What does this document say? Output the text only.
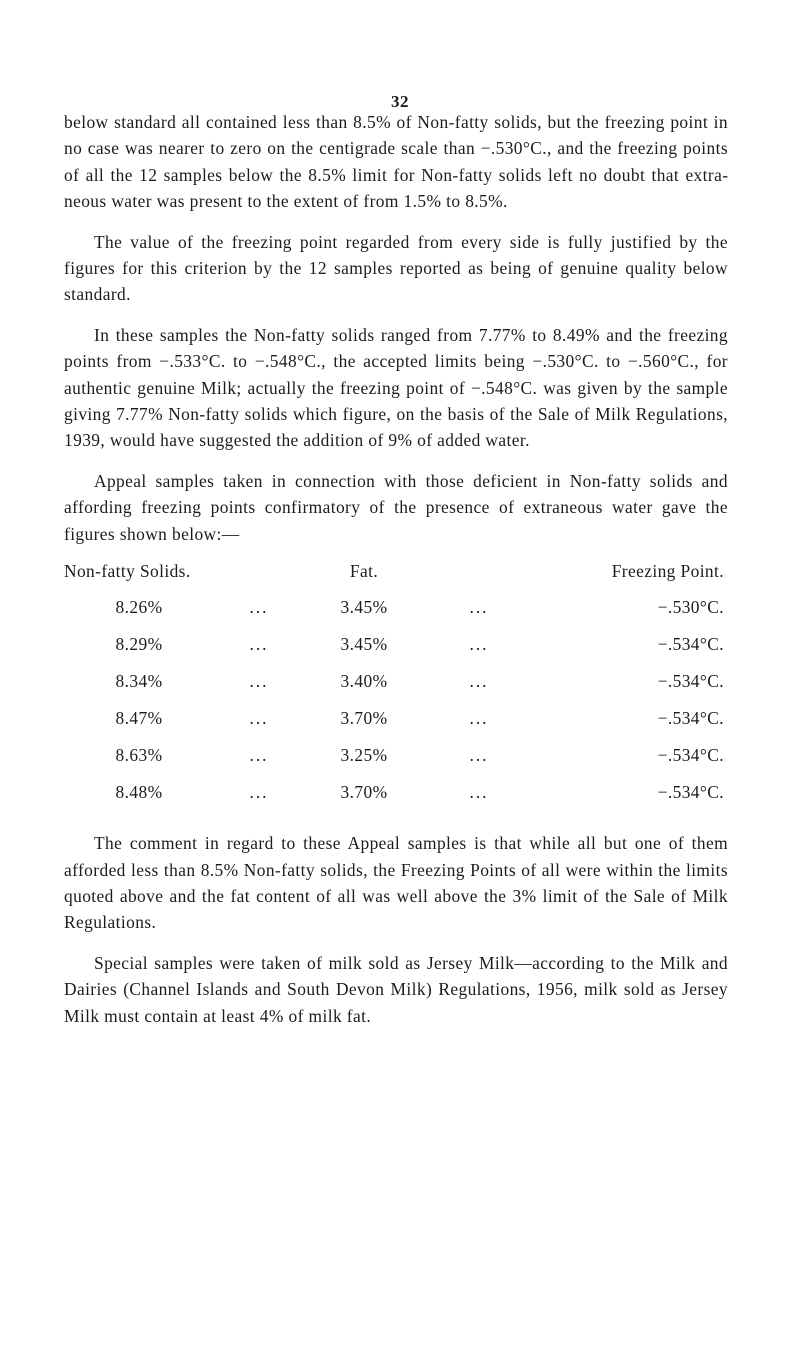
32

below standard all contained less than 8.5% of Non-fatty solids, but the freezing point in no case was nearer to zero on the centigrade scale than −.530°C., and the freezing points of all the 12 samples below the 8.5% limit for Non-fatty solids left no doubt that extraneous water was present to the extent of from 1.5% to 8.5%.

The value of the freezing point regarded from every side is fully justified by the figures for this criterion by the 12 samples reported as being of genuine quality below standard.

In these samples the Non-fatty solids ranged from 7.77% to 8.49% and the freezing points from −.533°C. to −.548°C., the accepted limits being −.530°C. to −.560°C., for authentic genuine Milk; actually the freezing point of −.548°C. was given by the sample giving 7.77% Non-fatty solids which figure, on the basis of the Sale of Milk Regulations, 1939, would have suggested the addition of 9% of added water.

Appeal samples taken in connection with those deficient in Non-fatty solids and affording freezing points confirmatory of the presence of extraneous water gave the figures shown below:—

Non-fatty Solids.		Fat.		Freezing Point.
8.26%	...	3.45%	...	−.530°C.
8.29%	...	3.45%	...	−.534°C.
8.34%	...	3.40%	...	−.534°C.
8.47%	...	3.70%	...	−.534°C.
8.63%	...	3.25%	...	−.534°C.
8.48%	...	3.70%	...	−.534°C.

The comment in regard to these Appeal samples is that while all but one of them afforded less than 8.5% Non-fatty solids, the Freezing Points of all were within the limits quoted above and the fat content of all was well above the 3% limit of the Sale of Milk Regulations.

Special samples were taken of milk sold as Jersey Milk—according to the Milk and Dairies (Channel Islands and South Devon Milk) Regulations, 1956, milk sold as Jersey Milk must contain at least 4% of milk fat.
